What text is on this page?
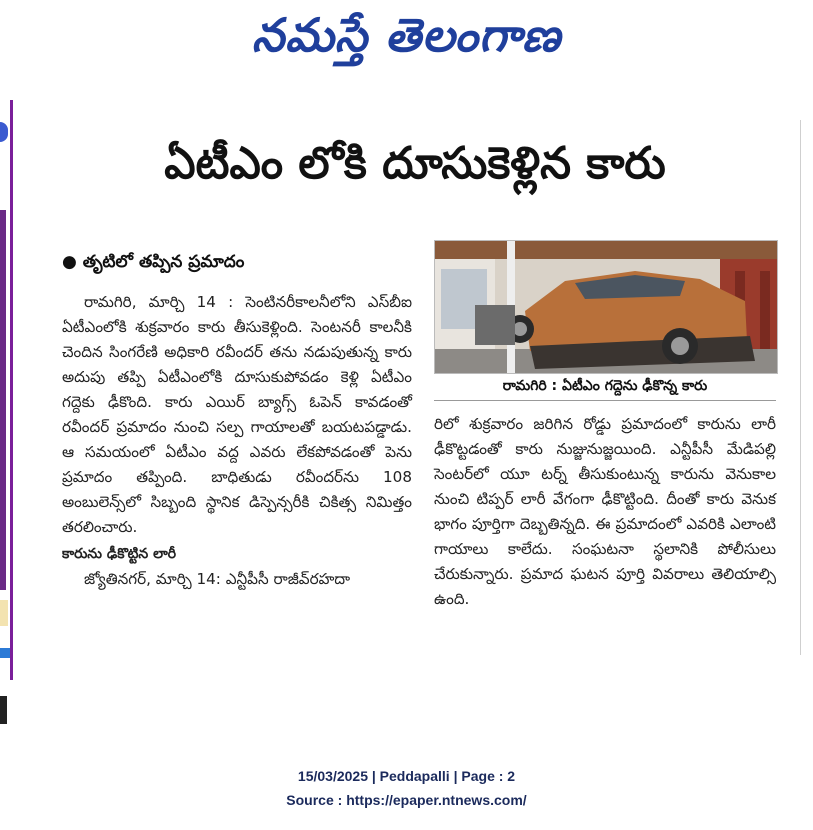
నమస్తే తెలంగాణ
ఏటీఎం లోకి దూసుకెళ్లిన కారు
● తృటిలో తప్పిన ప్రమాదం

రామగిరి, మార్చి 14 : సెంటినరీకాలనీలోని ఎస్‌బీఐ ఏటీఎంలోకి శుక్రవారం కారు తీసుకెళ్లింది. సెంటనరీ కాలనీకి చెందిన సింగరేణి అధికారి రవీందర్ తను నడుపుతున్న కారు అదుపు తప్పి ఏటీఎంలోకి దూసుకుపోవడం కెళ్లి ఏటీఎం గద్దెకు ఢీకొంది. కారు ఎయిర్ బ్యాగ్స్ ఓపెన్ కావడంతో రవీందర్ ప్రమాదం నుంచి సల్ప గాయాలతో బయటపడ్డాడు. ఆ సమయంలో ఏటీఎం వద్ద ఎవరు లేకపోవడంతో పెను ప్రమాదం తప్పింది. బాధితుడు రవీందర్‌ను 108 అంబులెన్స్‌లో సిబ్బంది స్థానిక డిస్పెన్సరీకి చికిత్స నిమిత్తం తరలించారు.

కారును ఢీకొట్టిన లారీ

జ్యోతినగర్, మార్చి 14: ఎన్టీపీసీ రాజీవ్‌రహదా

రామగిరి : ఏటీఎం గద్దెను ఢీకొన్న కారు

రిలో శుక్రవారం జరిగిన రోడ్డు ప్రమాదంలో కారును లారీ ఢీకొట్టడంతో కారు నుజ్జునుజ్జయింది. ఎన్టీపీసీ మేడిపల్లి సెంటర్‌లో యూ టర్న్ తీసుకుంటున్న కారును వెనుకాల నుంచి టిప్పర్ లారీ వేగంగా ఢీకొట్టింది. దీంతో కారు వెనుక భాగం పూర్తిగా దెబ్బతిన్నది. ఈ ప్రమాదంలో ఎవరికి ఎలాంటి గాయాలు కాలేదు. సంఘటనా స్థలానికి పోలీసులు చేరుకున్నారు. ప్రమాద ఘటన పూర్తి వివరాలు తెలియాల్సి ఉంది.

15/03/2025 | Peddapalli | Page : 2
Source : https://epaper.ntnews.com/
